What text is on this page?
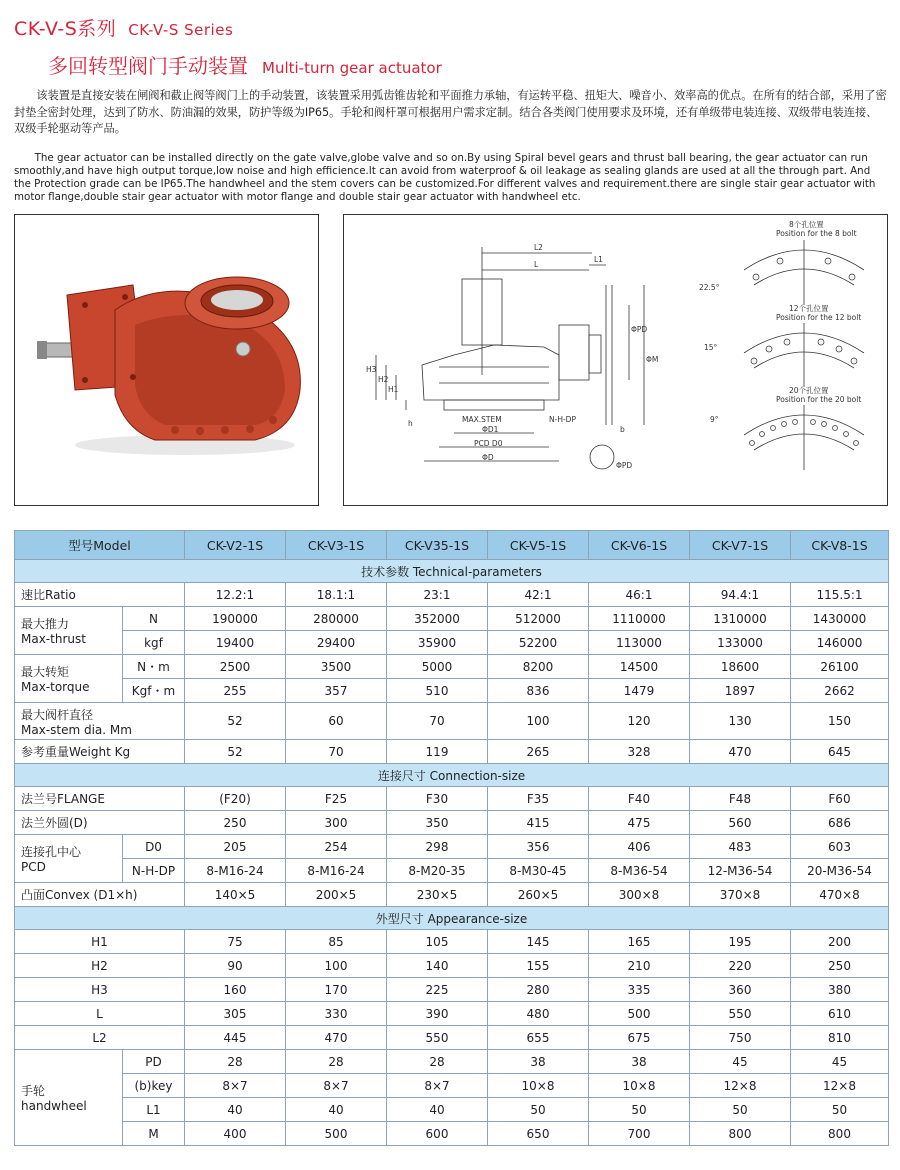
CK-V-S系列 CK-V-S Series
多回转型阀门手动装置 Multi-turn gear actuator
该装置是直接安装在闸阀和截止阀等阀门上的手动装置，该装置采用弧齿锥齿轮和平面推力承轴，有运转平稳、扭矩大、噪音小、效率高的优点。在所有的结合部，采用了密封垫全密封处理，达到了防水、防油漏的效果，防护等级为IP65。手轮和阀杆罩可根据用户需求定制。结合各类阀门使用要求及环境，还有单级带电装连接、双级带电装连接、双级手轮驱动等产品。
The gear actuator can be installed directly on the gate valve,globe valve and so on.By using Spiral bevel gears and thrust ball bearing, the gear actuator can run smoothly,and have high output torque,low noise and high efficience.It can avoid from waterproof & oil leakage as sealing glands are used at all the through part. And the Protection grade can be IP65.The handwheel and the stem covers can be customized.For different valves and requirement.there are single stair gear actuator with motor flange,double stair gear actuator with motor flange and double stair gear actuator with handwheel etc.
L2
L
L1
ΦPD
ΦM
H3
H2
H1
h	MAX.STEM
ΦD1
PCD D0
ΦD
N-H-DP
b
ΦPD
8个孔位置
Position for the 8 bolt
22.5°
12个孔位置
Position for the 12 bolt
15°
20个孔位置
Position for the 20 bolt
9°
型号Model		CK-V2-1S	CK-V3-1S	CK-V35-1S	CK-V5-1S	CK-V6-1S	CK-V7-1S	CK-V8-1S
技术参数 Technical-parameters								
速比Ratio		12.2:1	18.1:1	23:1	42:1	46:1	94.4:1	115.5:1
最大推力
Max-thrust	N	190000	280000	352000	512000	1110000	1310000	1430000
	kgf	19400	29400	35900	52200	113000	133000	146000
最大转矩
Max-torque	N・m	2500	3500	5000	8200	14500	18600	26100
	Kgf・m	255	357	510	836	1479	1897	2662
最大阀杆直径
Max-stem dia. Mm		52	60	70	100	120	130	150
参考重量Weight Kg		52	70	119	265	328	470	645
连接尺寸 Connection-size								
法兰号FLANGE		(F20)	F25	F30	F35	F40	F48	F60
法兰外圆(D)		250	300	350	415	475	560	686
连接孔中心
PCD	D0	205	254	298	356	406	483	603
	N-H-DP	8-M16-24	8-M16-24	8-M20-35	8-M30-45	8-M36-54	12-M36-54	20-M36-54
凸面Convex (D1×h)		140×5	200×5	230×5	260×5	300×8	370×8	470×8
外型尺寸 Appearance-size								
H1		75	85	105	145	165	195	200
H2		90	100	140	155	210	220	250
H3		160	170	225	280	335	360	380
L		305	330	390	480	500	550	610
L2		445	470	550	655	675	750	810
手轮
handwheel	PD	28	28	28	38	38	45	45
	(b)key	8×7	8×7	8×7	10×8	10×8	12×8	12×8
	L1	40	40	40	50	50	50	50
	M	400	500	600	650	700	800	800
